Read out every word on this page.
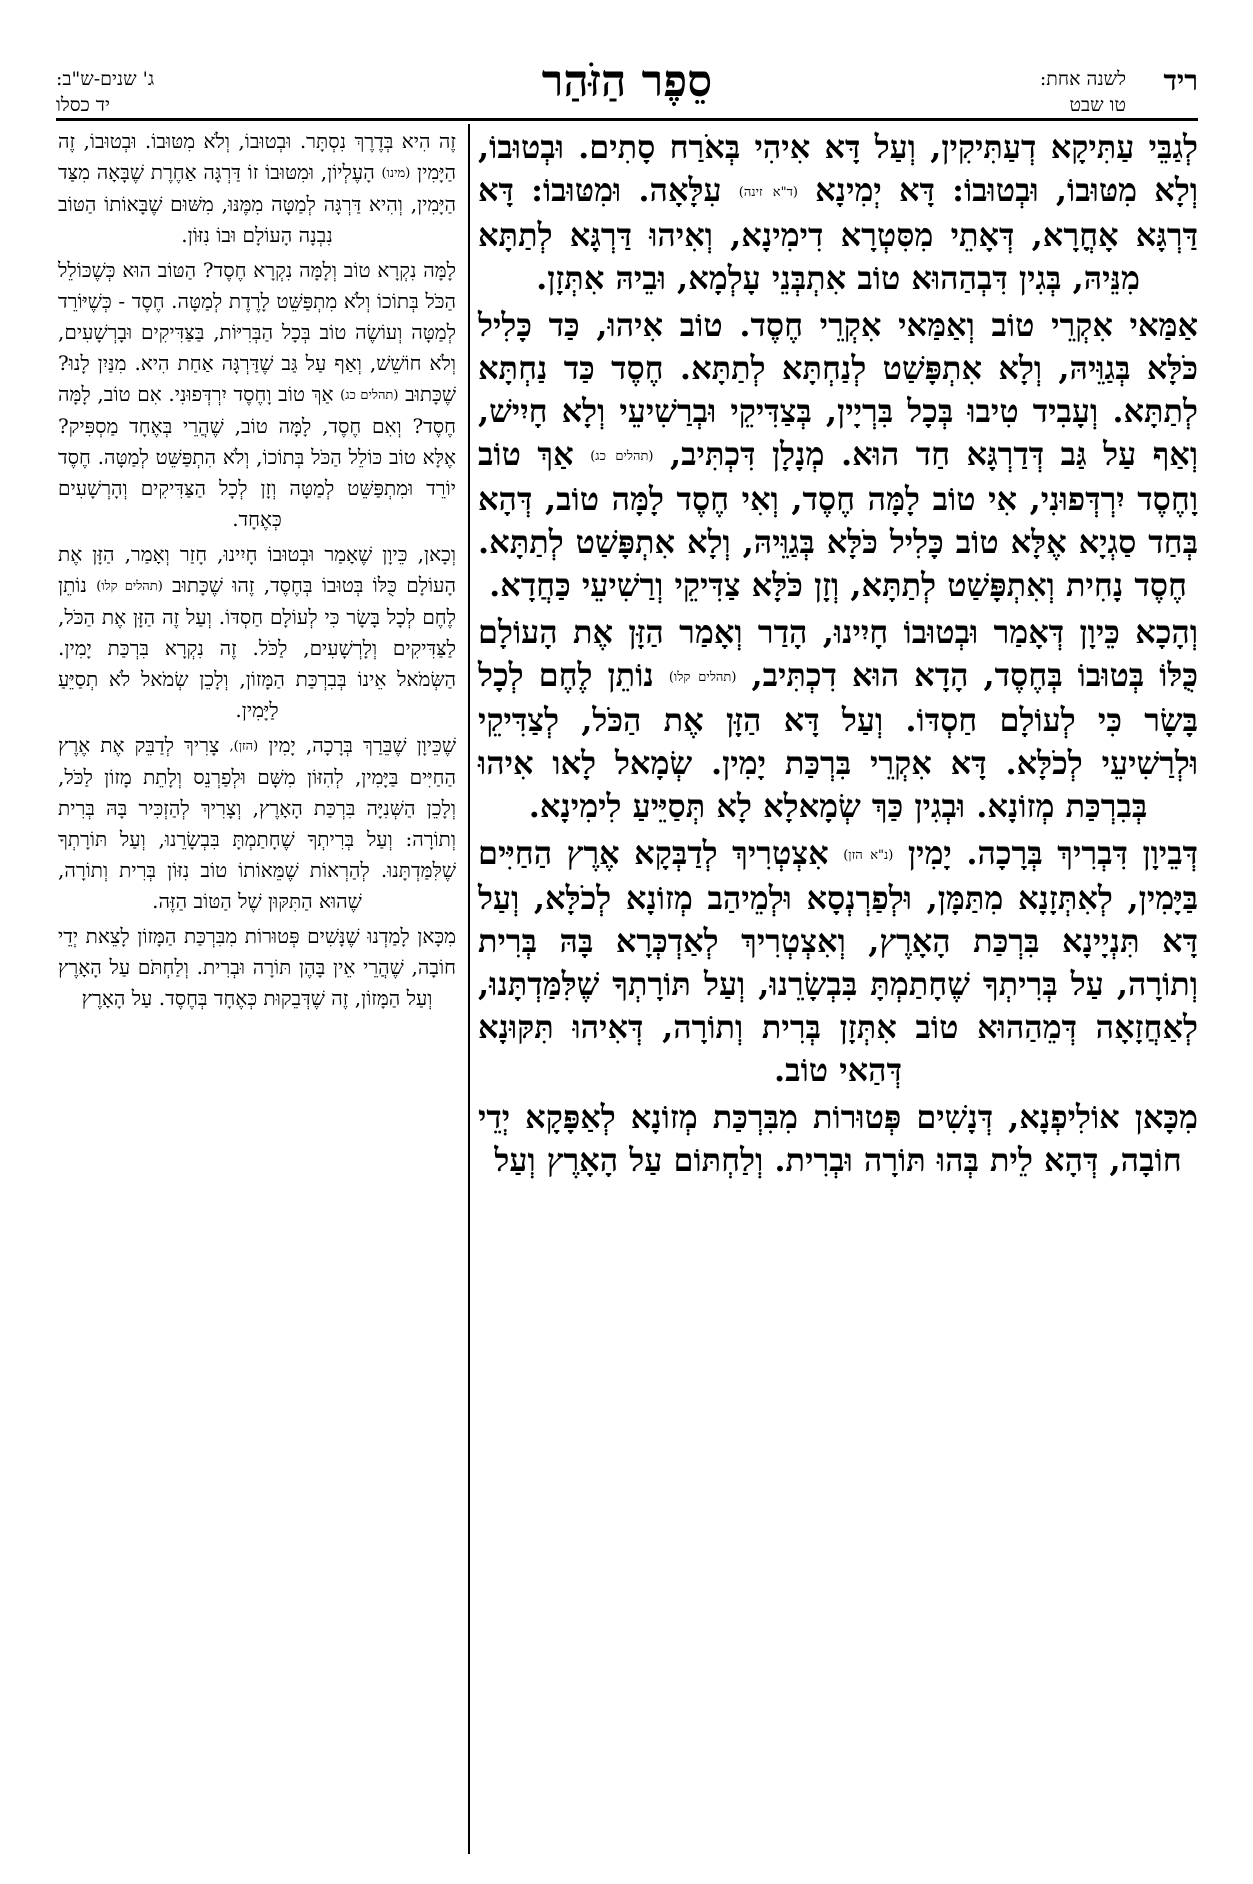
ריד
לשנה אחת:
טו שבט
סֵפֶר הַזֹּהַר
ג' שנים-ש"ב:
יד כסלו

לְגַבֵּי עַתִּיקָא דְעַתִּיקִין, וְעַל דָּא אִיהִי בְּאֹרַח סָתִים. וּבְטוּבוֹ, וְלָא מִטּוּבוֹ, וּבְטוּבוֹ: דָּא יְמִינָא (ד"א זינה) עִלָּאָה. וּמִטּוּבוֹ: דָּא דַּרְגָּא אָחֳרָא, דְּאָתֵי מִסִּטְרָא דִימִינָא, וְאִיהוּ דַּרְגָּא לְתַתָּא מִנֵּיהּ, בְּגִין דִּבְהַהוּא טוֹב אִתְבְּנֵי עָלְמָא, וּבֵיהּ אִתְּזָן.

אַמַּאי אִקְרֵי טוֹב וְאַמַּאי אִקְרֵי חֶסֶד. טוֹב אִיהוּ, כַּד כָּלִיל כֹּלָּא בְּגַוֵּיהּ, וְלָא אִתְפָּשַׁט לְנַחְתָּא לְתַתָּא. חֶסֶד כַּד נַחְתָּא לְתַתָּא. וְעָבִיד טִיבוּ בְּכָל בִּרְיָין, בְּצַדִּיקֵי וּבְרַשִׁיעֵי וְלָא חָיִישׁ, וְאַף עַל גַּב דְּדַרְגָּא חַד הוּא. מְנָלָן דִּכְתִּיב, (תהלים כג) אַךְ טוֹב וָחֶסֶד יִרְדְּפוּנִי, אִי טוֹב לָמָּה חֶסֶד, וְאִי חֶסֶד לָמָּה טוֹב, דְּהָא בְּחַד סַגְיָא אֶלָּא טוֹב כָּלִיל כֹּלָּא בְּגַוֵּיהּ, וְלָא אִתְפָּשַׁט לְתַתָּא. חֶסֶד נָחִית וְאִתְפָּשַׁט לְתַתָּא, וְזָן כֹּלָּא צַדִּיקֵי וְרַשִׁיעֵי כַּחֲדָא.

וְהָכָא כֵּיוָן דְּאָמַר וּבְטוּבוֹ חָיִינוּ, הָדַר וְאָמַר הַזָּן אֶת הָעוֹלָם כֻּלּוֹ בְּטוּבוֹ בְּחֶסֶד, הָדָא הוּא דִכְתִּיב, (תהלים קלו) נוֹתֵן לֶחֶם לְכָל בָּשָׂר כִּי לְעוֹלָם חַסְדּוֹ. וְעַל דָּא הַזָּן אֶת הַכֹּל, לְצַדִּיקֵי וּלְרַשִׁיעֵי לְכֹלָּא. דָּא אִקְרֵי בִּרְכַּת יָמִין. שְׂמָאל לָאו אִיהוּ בְּבִרְכַּת מְזוֹנָא. וּבְגִין כַּךְ שְׂמָאלָא לָא תְּסַיֵּיעַ לִימִינָא.

דְּבֵיוָן דִּבְרִיךְ בְּרָכָה. יָמִין (נ"א הזן) אִצְטְרִיךְ לְדַבְּקָא אֶרֶץ הַחַיִּים בַּיָּמִין, לְאִתְּזָנָא מִתַּמָּן, וּלְפַרְנְסָא וּלְמֵיהַב מְזוֹנָא לְכֹלָּא, וְעַל דָּא תִּנְיָינָא בִּרְכַּת הָאָרֶץ, וְאִצְטְרִיךְ לְאַדְכְּרָא בָּהּ בְּרִית וְתוֹרָה, עַל בְּרִיתְךָ שֶׁחָתַמְתָּ בִּבְשָׂרֵנוּ, וְעַל תּוֹרָתְךָ שֶׁלִּמַּדְתָּנוּ, לְאַחֲזָאָה דְּמֵהַהוּא טוֹב אִתְּזָן בְּרִית וְתוֹרָה, דְּאִיהוּ תִּקּוּנָא דְּהַאי טוֹב.

מִכָּאן אוֹלִיפְנָא, דְּנָשִׁים פְּטוּרוֹת מִבִּרְכַּת מְזוֹנָא לְאַפָּקָא יְדֵי חוֹבָה, דְּהָא לֵית בְּהוּ תּוֹרָה וּבְרִית. וְלַחְתּוֹם עַל הָאָרֶץ וְעַל

זֶה הִיא בְּדֶרֶךְ נִסְתָּר. וּבְטוּבוֹ, וְלֹא מִטּוּבוֹ. וּבְטוּבוֹ, זֶה הַיָּמִין (מינו) הָעֶלְיוֹן, וּמִטּוּבוֹ זוֹ דַּרְגָּה אַחֶרֶת שֶׁבָּאָה מִצַּד הַיָּמִין, וְהִיא דַּרְגָּה לְמַטָּה מִמֶּנּוּ, מִשּׁוּם שֶׁבָּאוֹתוֹ הַטּוֹב נִבְנָה הָעוֹלָם וּבוֹ נִזּוֹן.

לָמָּה נִקְרָא טוֹב וְלָמָּה נִקְרָא חֶסֶד? הַטּוֹב הוּא כְּשֶׁכּוֹלֵל הַכֹּל בְּתוֹכוֹ וְלֹא מִתְפַּשֵּׁט לָרֶדֶת לְמַטָּה. חֶסֶד - כְּשֶׁיּוֹרֵד לְמַטָּה וְעוֹשֶׂה טוֹב בְּכָל הַבְּרִיּוֹת, בַּצַּדִּיקִים וּבָרְשָׁעִים, וְלֹא חוֹשֵׁשׁ, וְאַף עַל גַּב שֶׁדַּרְגָּה אַחַת הִיא. מִנַּיִן לָנוּ? שֶׁכָּתוּב (תהלים כג) אַךְ טוֹב וָחֶסֶד יִרְדְּפוּנִי. אִם טוֹב, לָמָּה חֶסֶד? וְאִם חֶסֶד, לָמָּה טוֹב, שֶׁהֲרֵי בְּאֶחָד מַסְפִּיק? אֶלָּא טוֹב כּוֹלֵל הַכֹּל בְּתוֹכוֹ, וְלֹא הִתְפַּשֵּׁט לְמַטָּה. חֶסֶד יוֹרֵד וּמִתְפַּשֵּׁט לְמַטָּה וְזָן לְכָל הַצַּדִּיקִים וְהָרְשָׁעִים כְּאֶחָד.

וְכָאן, כֵּיוָן שֶׁאָמַר וּבְטוּבוֹ חָיִינוּ, חָזַר וְאָמַר, הַזָּן אֶת הָעוֹלָם כֻּלּוֹ בְּטוּבוֹ בְּחֶסֶד, זֶהוּ שֶׁכָּתוּב (תהלים קלו) נוֹתֵן לֶחֶם לְכָל בָּשָׂר כִּי לְעוֹלָם חַסְדּוֹ. וְעַל זֶה הַזָּן אֶת הַכֹּל, לַצַּדִּיקִים וְלָרְשָׁעִים, לַכֹּל. זֶה נִקְרָא בִּרְכַּת יָמִין. הַשְּׂמֹאל אֵינוֹ בְּבִרְכַּת הַמָּזוֹן, וְלָכֵן שְׂמֹאל לֹא תְסַיֵּעַ לַיָּמִין.

שֶׁכֵּיוָן שֶׁבֵּרַךְ בְּרָכָה, יָמִין (הזן), צָרִיךְ לְדַבֵּק אֶת אֶרֶץ הַחַיִּים בַּיָּמִין, לְהִזּוֹן מִשָּׁם וּלְפַרְנֵס וְלָתֵת מָזוֹן לַכֹּל, וְלָכֵן הַשְּׁנִיָּה בִּרְכַּת הָאָרֶץ, וְצָרִיךְ לְהַזְכִּיר בָּהּ בְּרִית וְתוֹרָה: וְעַל בְּרִיתְךָ שֶׁחָתַמְתָּ בִּבְשָׂרֵנוּ, וְעַל תּוֹרָתְךָ שֶׁלִּמַּדְתָּנוּ. לְהַרְאוֹת שֶׁמֵּאוֹתוֹ טוֹב נִזּוֹן בְּרִית וְתוֹרָה, שֶׁהוּא הַתִּקּוּן שֶׁל הַטּוֹב הַזֶּה.

מִכָּאן לָמַדְנוּ שֶׁנָּשִׁים פְּטוּרוֹת מִבִּרְכַּת הַמָּזוֹן לָצֵאת יְדֵי חוֹבָה, שֶׁהֲרֵי אֵין בָּהֶן תּוֹרָה וּבְרִית. וְלַחְתֹּם עַל הָאָרֶץ וְעַל הַמָּזוֹן, זֶה שֶׁדְּבֵקוּת כְּאֶחָד בְּחֶסֶד. עַל הָאָרֶץ
